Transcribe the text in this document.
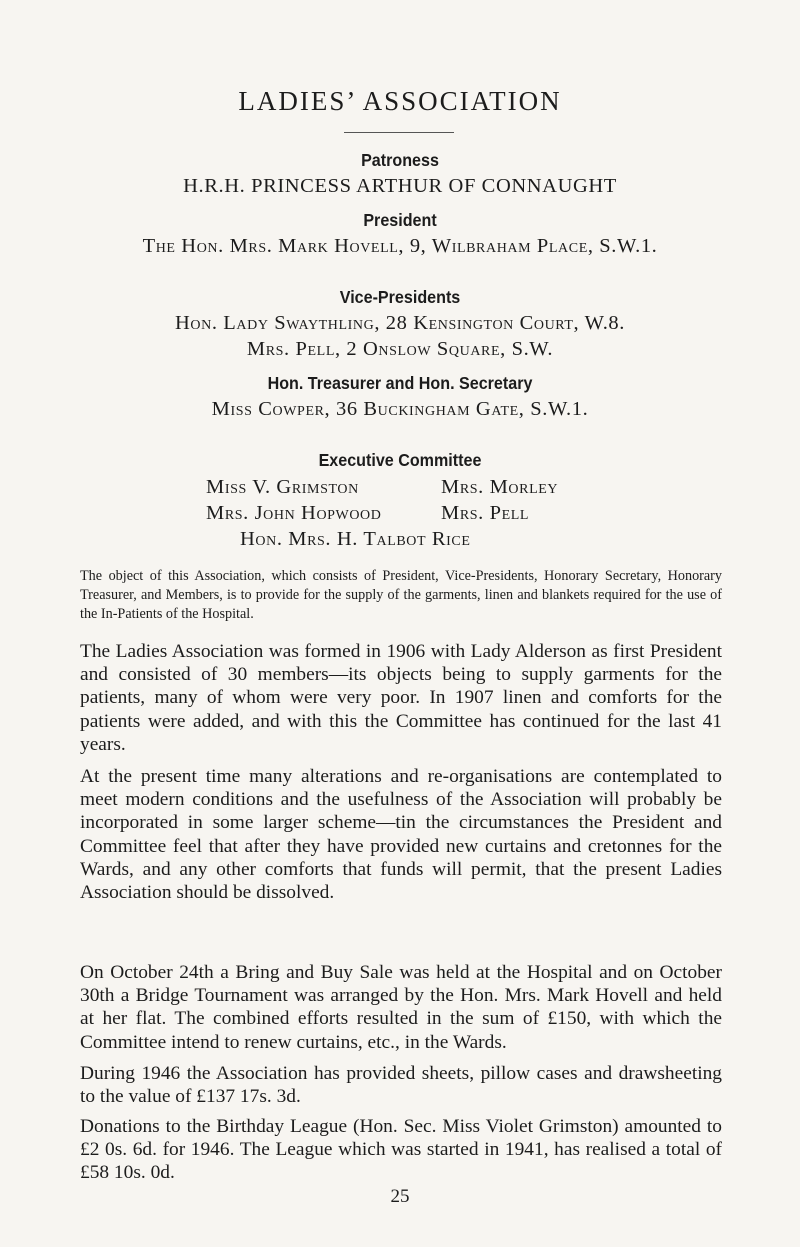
LADIES’ ASSOCIATION
Patroness
H.R.H. PRINCESS ARTHUR OF CONNAUGHT
President
The Hon. Mrs. Mark Hovell, 9, Wilbraham Place, S.W.1.
Vice-Presidents
Hon. Lady Swaythling, 28 Kensington Court, W.8.
Mrs. Pell, 2 Onslow Square, S.W.
Hon. Treasurer and Hon. Secretary
Miss Cowper, 36 Buckingham Gate, S.W.1.
Executive Committee
Miss V. Grimston	Mrs. Morley
Mrs. John Hopwood	Mrs. Pell
Hon. Mrs. H. Talbot Rice
The object of this Association, which consists of President, Vice-Presidents, Honorary Secretary, Honorary Treasurer, and Members, is to provide for the supply of the garments, linen and blankets required for the use of the In-Patients of the Hospital.
The Ladies Association was formed in 1906 with Lady Alderson as first President and consisted of 30 members—its objects being to supply garments for the patients, many of whom were very poor. In 1907 linen and comforts for the patients were added, and with this the Committee has continued for the last 41 years.
At the present time many alterations and re-organisations are contemplated to meet modern conditions and the usefulness of the Association will probably be incorporated in some larger scheme—tin the circumstances the President and Committee feel that after they have provided new curtains and cretonnes for the Wards, and any other comforts that funds will permit, that the present Ladies Association should be dissolved.
On October 24th a Bring and Buy Sale was held at the Hospital and on October 30th a Bridge Tournament was arranged by the Hon. Mrs. Mark Hovell and held at her flat. The combined efforts resulted in the sum of £150, with which the Committee intend to renew curtains, etc., in the Wards.
During 1946 the Association has provided sheets, pillow cases and drawsheeting to the value of £137 17s. 3d.
Donations to the Birthday League (Hon. Sec. Miss Violet Grimston) amounted to £2 0s. 6d. for 1946. The League which was started in 1941, has realised a total of £58 10s. 0d.
25
